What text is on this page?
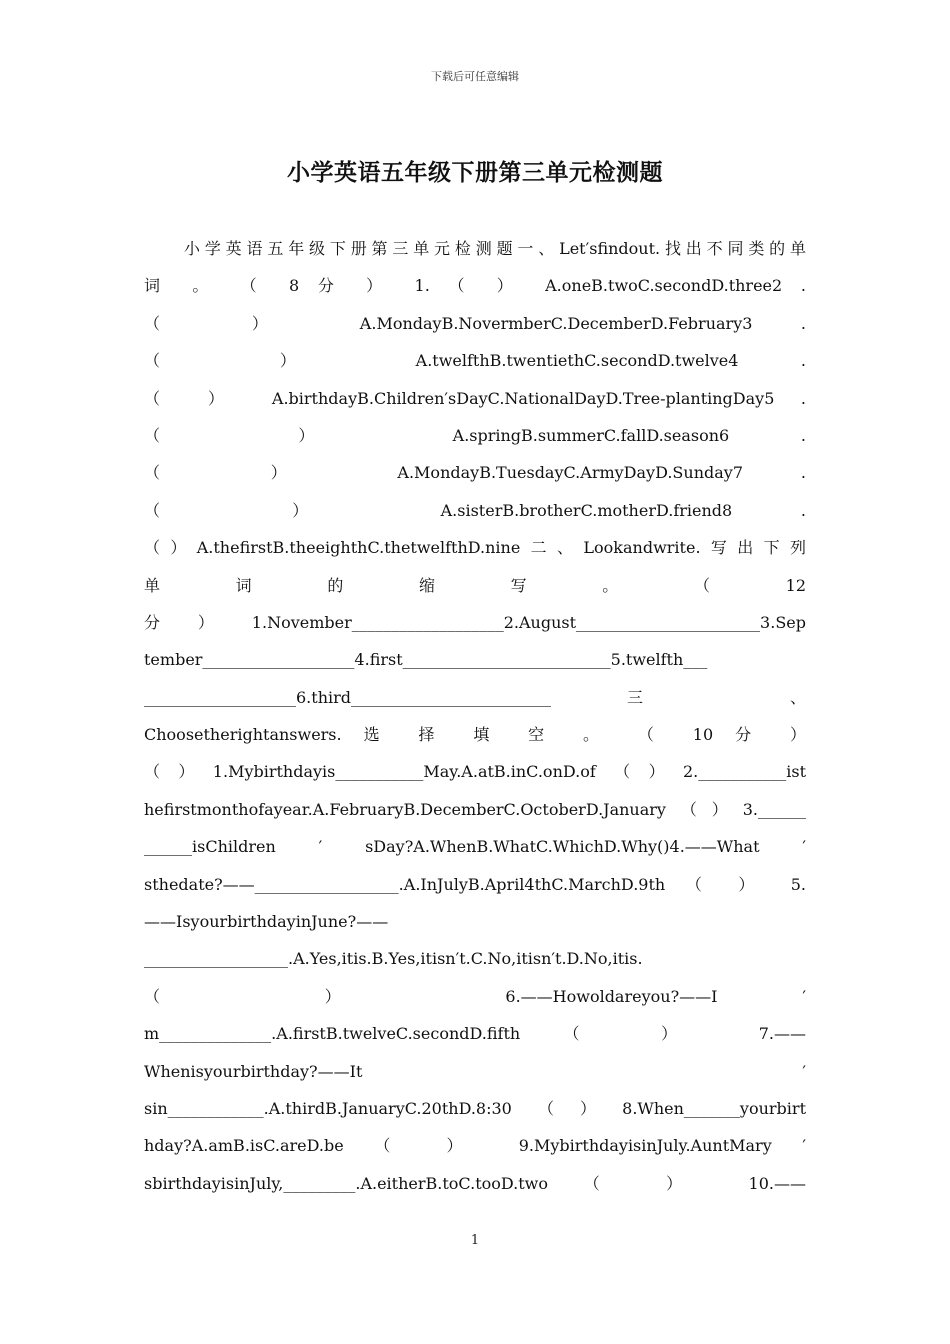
下载后可任意编辑
小学英语五年级下册第三单元检测题
小学英语五年级下册第三单元检测题一、Let′sfindout.找出不同类的单
词 。 （ 8 分 ） 1. （ ） A.oneB.twoC.secondD.three2 .
（ ） A.MondayB.NovermberC.DecemberD.February3 .
（ ） A.twelfthB.twentiethC.secondD.twelve4 .
（ ） A.birthdayB.Children′sDayC.NationalDayD.Tree-plantingDay5 .
（ ） A.springB.summerC.fallD.season6 .
（ ） A.MondayB.TuesdayC.ArmyDayD.Sunday7 .
（ ） A.sisterB.brotherC.motherD.friend8 .
（）A.thefirstB.theeighthC.thetwelfthD.nine二、Lookandwrite.写出下列
单 词 的 缩 写 。 （ 12
分）1.November___________________2.August_______________________3.Sep
tember___________________4.first__________________________5.twelfth___
___________________6.third_________________________ 三 、
Choosetherightanswers. 选 择 填 空 。 （ 10 分 ）
（）1.Mybirthdayis___________May.A.atB.inC.onD.of（）2.___________ist
hefirstmonthofayear.A.FebruaryB.DecemberC.OctoberD.January（）3.______
______isChildren ′ sDay?A.WhenB.WhatC.WhichD.Why()4.——What ′
sthedate?——__________________.A.InJulyB.April4thC.MarchD.9th （ ） 5.
——IsyourbirthdayinJune?——
__________________.A.Yes,itis.B.Yes,itisn′t.C.No,itisn′t.D.No,itis.
（ ） 6.——Howoldareyou?——I ′
m______________.A.firstB.twelveC.secondD.fifth （ ） 7.——
Whenisyourbirthday?——It ′
sin____________.A.thirdB.JanuaryC.20thD.8:30（）8.When_______yourbirt
hday?A.amB.isC.areD.be （ ） 9.MybirthdayisinJuly.AuntMary ′
sbirthdayisinJuly,_________.A.eitherB.toC.tooD.two （ ） 10.——
1
